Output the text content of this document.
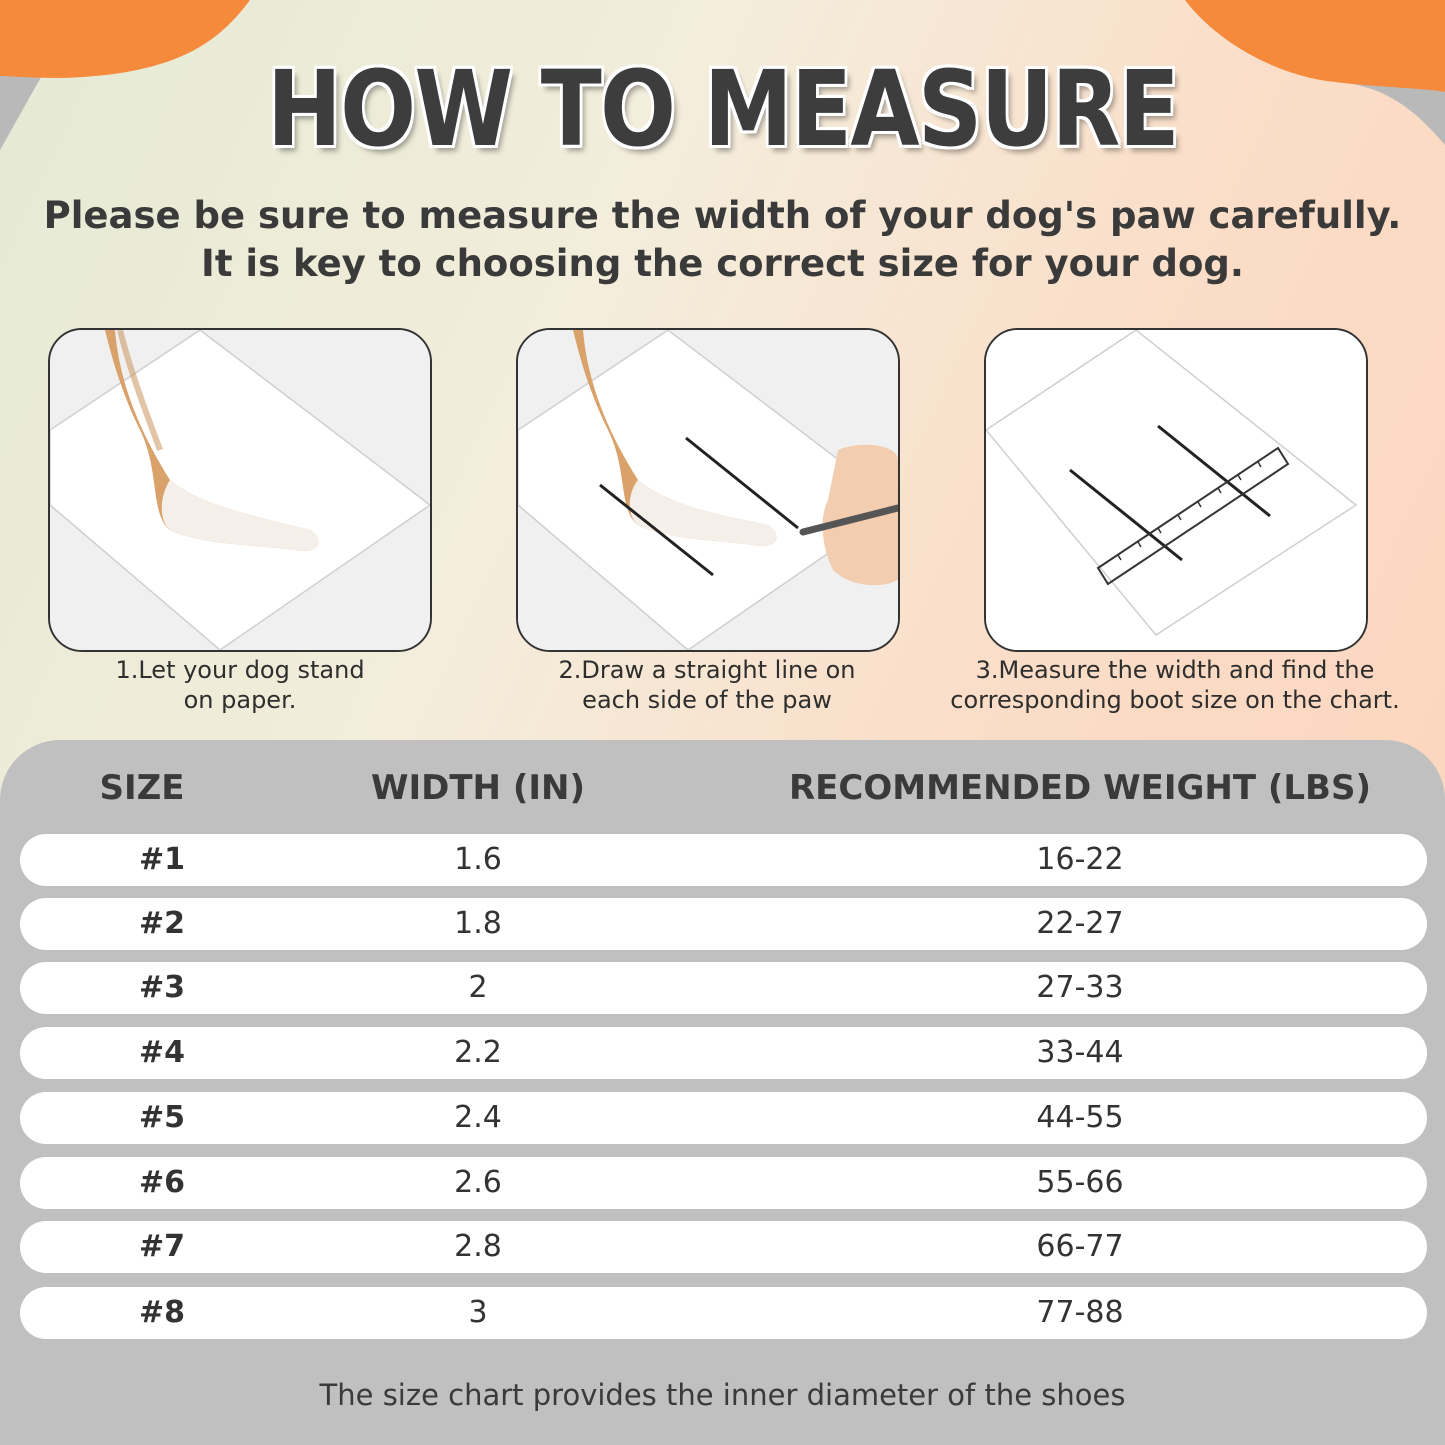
HOW TO MEASURE
Please be sure to measure the width of your dog's paw carefully.
It is key to choosing the correct size for your dog.
1.Let your dog stand
on paper.
2.Draw a straight line on
each side of the paw
3.Measure the width and find the
corresponding boot size on the chart.
SIZE	WIDTH (IN)	RECOMMENDED WEIGHT (LBS)
#1	1.6	16-22
#2	1.8	22-27
#3	2	27-33
#4	2.2	33-44
#5	2.4	44-55
#6	2.6	55-66
#7	2.8	66-77
#8	3	77-88
The size chart provides the inner diameter of the shoes
